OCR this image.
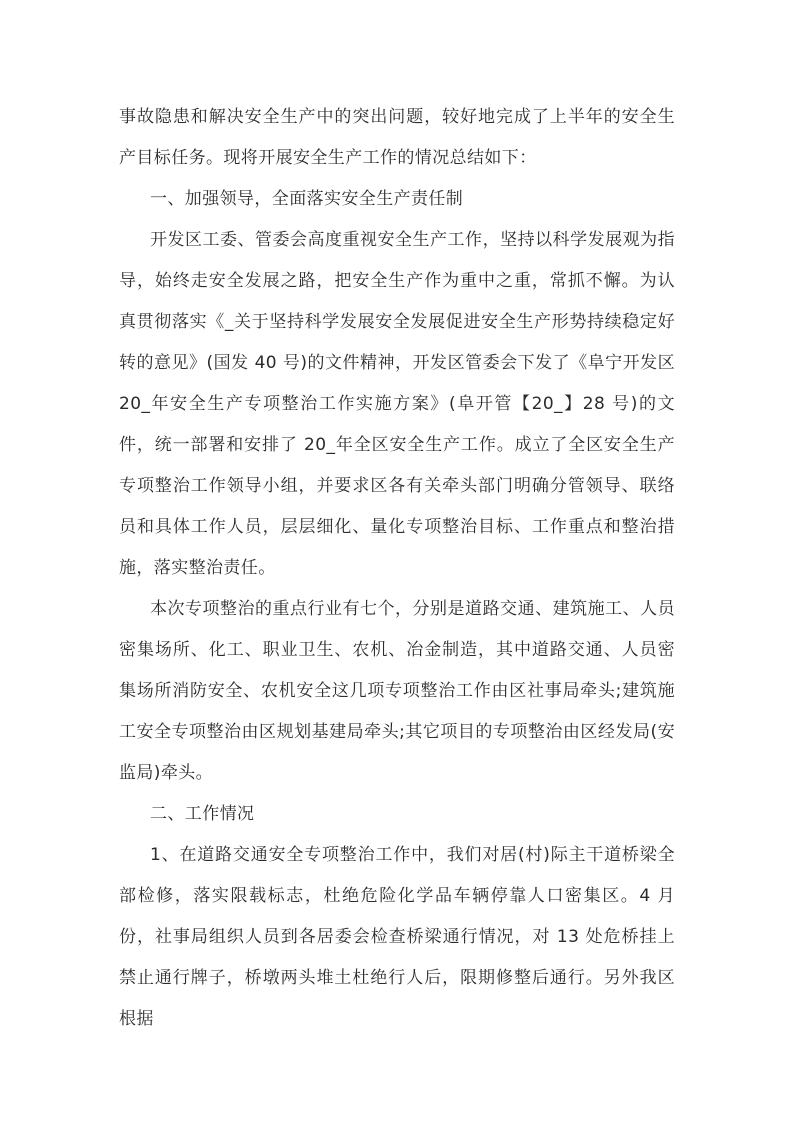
事故隐患和解决安全生产中的突出问题，较好地完成了上半年的安全生产目标任务。现将开展安全生产工作的情况总结如下：

一、加强领导，全面落实安全生产责任制

开发区工委、管委会高度重视安全生产工作，坚持以科学发展观为指导，始终走安全发展之路，把安全生产作为重中之重，常抓不懈。为认真贯彻落实《_关于坚持科学发展安全发展促进安全生产形势持续稳定好转的意见》(国发 40 号)的文件精神，开发区管委会下发了《阜宁开发区 20_年安全生产专项整治工作实施方案》(阜开管【20_】28 号)的文件，统一部署和安排了 20_年全区安全生产工作。成立了全区安全生产专项整治工作领导小组，并要求区各有关牵头部门明确分管领导、联络员和具体工作人员，层层细化、量化专项整治目标、工作重点和整治措施，落实整治责任。

本次专项整治的重点行业有七个，分别是道路交通、建筑施工、人员密集场所、化工、职业卫生、农机、冶金制造，其中道路交通、人员密集场所消防安全、农机安全这几项专项整治工作由区社事局牵头;建筑施工安全专项整治由区规划基建局牵头;其它项目的专项整治由区经发局(安监局)牵头。

二、工作情况

1、在道路交通安全专项整治工作中，我们对居(村)际主干道桥梁全部检修，落实限载标志，杜绝危险化学品车辆停靠人口密集区。4 月份，社事局组织人员到各居委会检查桥梁通行情况，对 13 处危桥挂上禁止通行牌子，桥墩两头堆土杜绝行人后，限期修整后通行。另外我区根据
